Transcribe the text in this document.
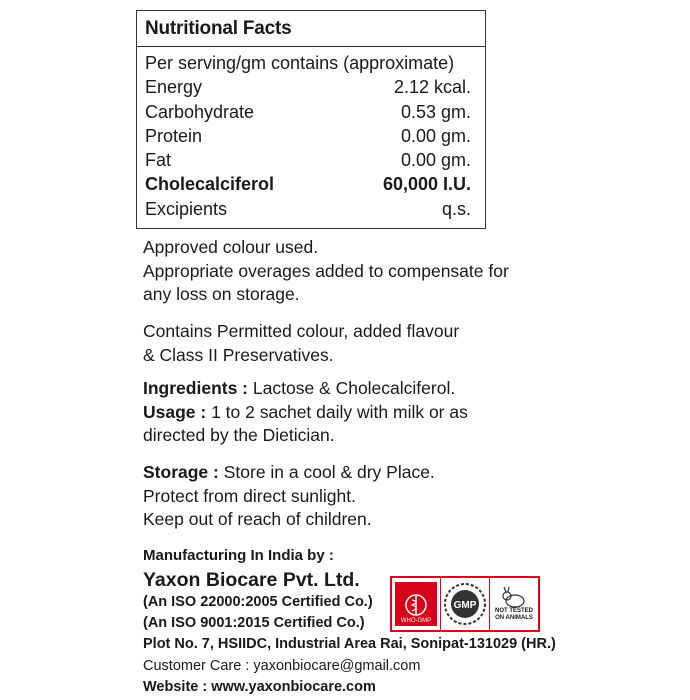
Nutritional Facts
Per serving/gm contains (approximate)
Energy	2.12 kcal.
Carbohydrate	0.53 gm.
Protein	0.00 gm.
Fat	0.00 gm.
Cholecalciferol	60,000 I.U.
Excipients	q.s.

Approved colour used.

Appropriate overages added to compensate for

any loss on storage.

Contains Permitted colour, added flavour

& Class II Preservatives.

Ingredients : Lactose & Cholecalciferol.

Usage : 1 to 2 sachet daily with milk or as

directed by the Dietician.

Storage : Store in a cool & dry Place.

Protect from direct sunlight.

Keep out of reach of children.

Manufacturing In India by :
Yaxon Biocare Pvt. Ltd.
(An ISO 22000:2005 Certified Co.)
(An ISO 9001:2015 Certified Co.)
Plot No. 7, HSIIDC, Industrial Area Rai, Sonipat-131029 (HR.)
Customer Care : yaxonbiocare@gmail.com
Website : www.yaxonbiocare.com
WHO-GMP
GMP	NOT TESTED
ON ANIMALS
